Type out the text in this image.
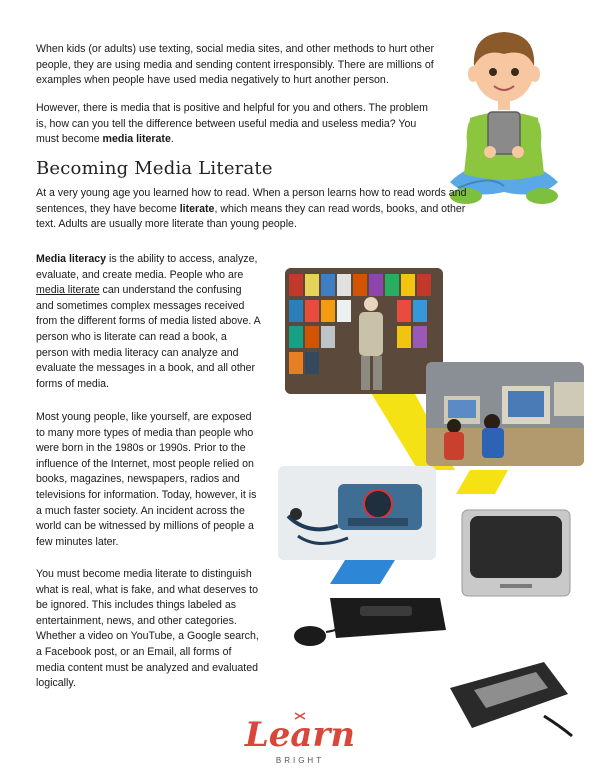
When kids (or adults) use texting, social media sites, and other methods to hurt other people, they are using media and sending content irresponsibly. There are millions of examples when people have used media negatively to hurt another person.

However, there is media that is positive and helpful for you and others. The problem is, how can you tell the difference between useful media and useless media? You must become media literate.

Becoming Media Literate

At a very young age you learned how to read. When a person learns how to read words and sentences, they have become literate, which means they can read words, books, and other text. Adults are usually more literate than young people.

Media literacy is the ability to access, analyze, evaluate, and create media. People who are media literate can understand the confusing and sometimes complex messages received from the different forms of media listed above. A person who is literate can read a book, a person with media literacy can analyze and evaluate the messages in a book, and all other forms of media.

Most young people, like yourself, are exposed to many more types of media than people who were born in the 1980s or 1990s. Prior to the influence of the Internet, most people relied on books, magazines, newspapers, radios and televisions for information. Today, however, it is a much faster society. An incident across the world can be witnessed by millions of people a few minutes later.

You must become media literate to distinguish what is real, what is fake, and what deserves to be ignored. This includes things labeled as entertainment, news, and other categories. Whether a video on YouTube, a Google search, a Facebook post, or an Email, all forms of media content must be analyzed and evaluated logically.

Learn
BRIGHT
